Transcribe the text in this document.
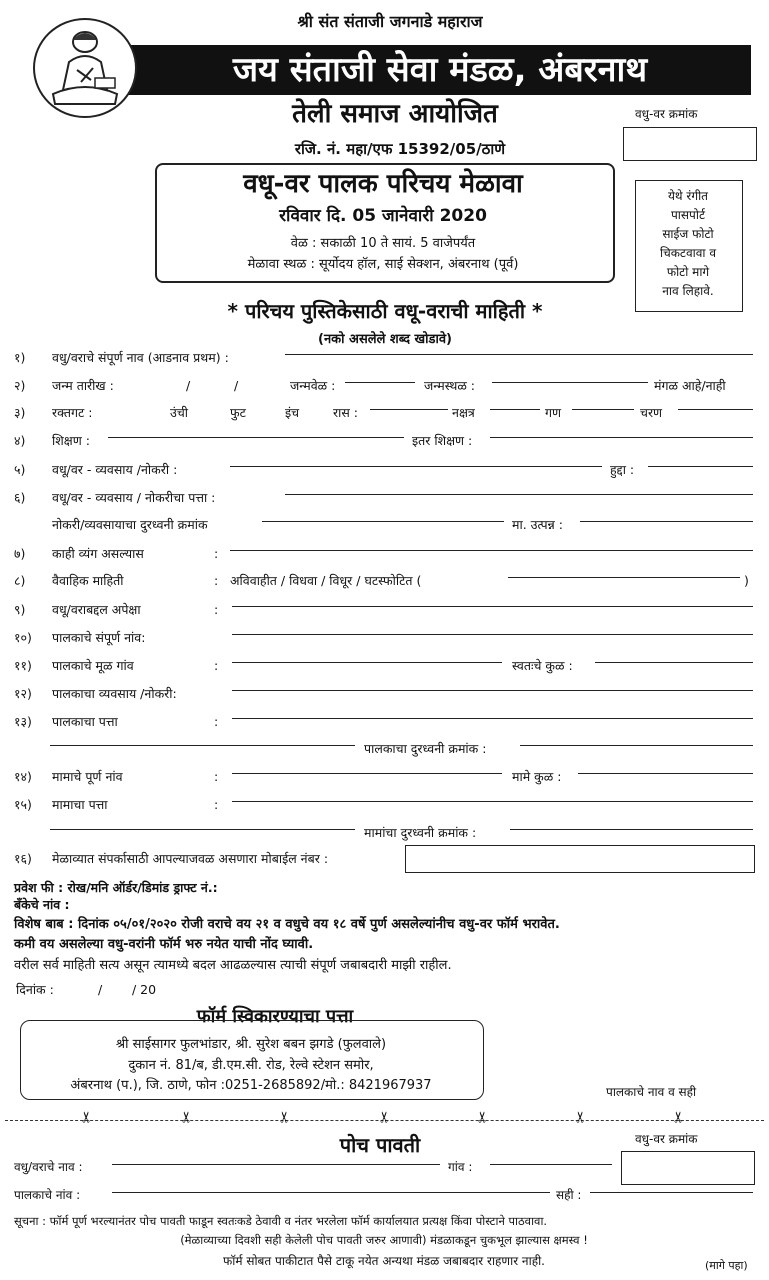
श्री संत संताजी जगनाडे महाराज
जय संताजी सेवा मंडळ, अंबरनाथ
तेली समाज आयोजित
रजि. नं. महा/एफ 15392/05/ठाणे
वधु-वर क्रमांक
वधू-वर पालक परिचय मेळावा
रविवार दि. 05 जानेवारी 2020
वेळ : सकाळी 10 ते सायं. 5 वाजेपर्यंत
मेळावा स्थळ : सूर्योदय हॉल, साई सेक्शन, अंबरनाथ (पूर्व)
येथे रंगीत
पासपोर्ट
साईज फोटो
चिकटवावा व
फोटो मागे
नाव लिहावे.
* परिचय पुस्तिकेसाठी वधू-वराची माहिती *
(नको असलेले शब्द खोडावे)
१) वधु/वराचे संपूर्ण नाव (आडनाव प्रथम) :
२) जन्म तारीख :	/	/	जन्मवेळ :	जन्मस्थळ :	मंगळ आहे/नाही
३) रक्तगट :	उंची	फुट	इंच	रास :	नक्षत्र	गण	चरण
४) शिक्षण :	इतर शिक्षण :
५) वधू/वर - व्यवसाय /नोकरी :	हुद्दा :
६) वधू/वर - व्यवसाय / नोकरीचा पत्ता :
नोकरी/व्यवसायाचा दुरध्वनी क्रमांक	मा. उत्पन्न :
७) काही व्यंग असल्यास	:
८) वैवाहिक माहिती	: अविवाहीत / विधवा / विधूर / घटस्फोटित (	)
९) वधू/वराबद्दल अपेक्षा	:
१०) पालकाचे संपूर्ण नांव:
११) पालकाचे मूळ गांव	:	स्वतःचे कुळ :
१२) पालकाचा व्यवसाय /नोकरी:
१३) पालकाचा पत्ता	:
पालकाचा दुरध्वनी क्रमांक :
१४) मामाचे पूर्ण नांव	:	मामे कुळ :
१५) मामाचा पत्ता	:
मामांचा दुरध्वनी क्रमांक :
१६) मेळाव्यात संपर्कासाठी आपल्याजवळ असणारा मोबाईल नंबर :
प्रवेश फी : रोख/मनि ऑर्डर/डिमांड ड्राफ्ट नं.:
बँकेचे नांव :
विशेष बाब : दिनांक ०५/०१/२०२० रोजी वराचे वय २१ व वधुचे वय १८ वर्षे पुर्ण असलेल्यांनीच वधु-वर फॉर्म भरावेत.
कमी वय असलेल्या वधु-वरांनी फॉर्म भरु नयेत याची नोंद घ्यावी.
वरील सर्व माहिती सत्य असून त्यामध्ये बदल आढळल्यास त्याची संपूर्ण जबाबदारी माझी राहील.
दिनांक :	/ / 20
फॉर्म स्विकारण्याचा पत्ता
श्री साईसागर फुलभांडार, श्री. सुरेश बबन झगडे (फुलवाले)
दुकान नं. 81/ब, डी.एम.सी. रोड, रेल्वे स्टेशन समोर,
अंबरनाथ (प.), जि. ठाणे, फोन :0251-2685892/मो.: 8421967937	पालकाचे नाव व सही
✂	✂	✂	✂	✂	✂	✂
पोच पावती	वधु-वर क्रमांक
वधु/वराचे नाव :	गांव :
पालकाचे नांव :	सही :
सूचना : फॉर्म पूर्ण भरल्यानंतर पोच पावती फाडून स्वतःकडे ठेवावी व नंतर भरलेला फॉर्म कार्यालयात प्रत्यक्ष किंवा पोस्टाने पाठवावा.
(मेळाव्याच्या दिवशी सही केलेली पोच पावती जरुर आणावी) मंडळाकडून चुकभूल झाल्यास क्षमस्व !
फॉर्म सोबत पाकीटात पैसे टाकू नयेत अन्यथा मंडळ जबाबदार राहणार नाही.	(मागे पहा)
